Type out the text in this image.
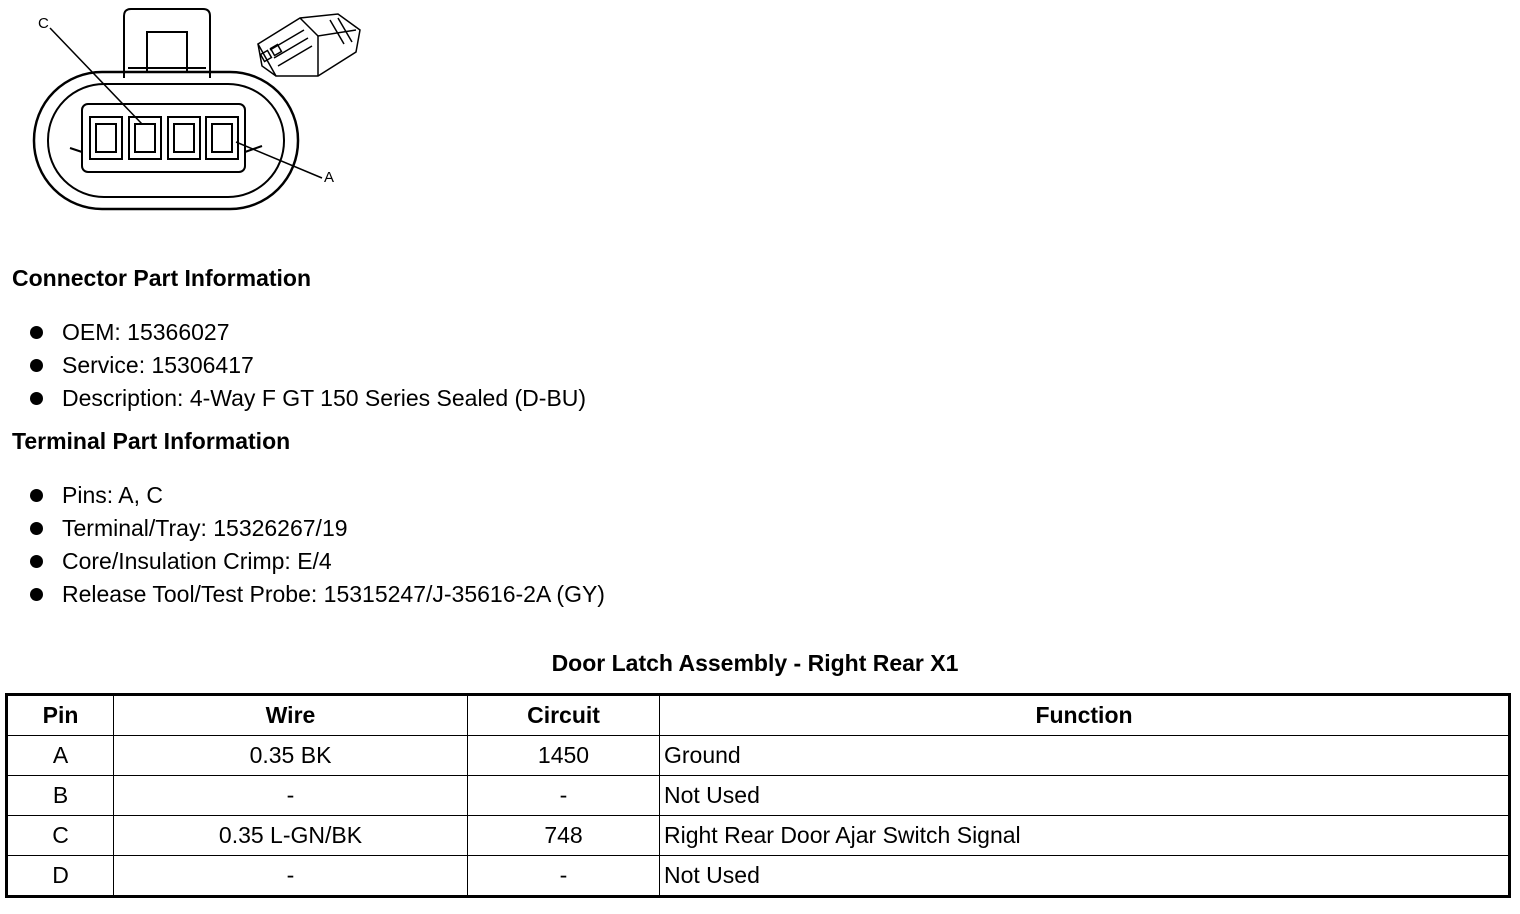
C
A
Connector Part Information
OEM: 15366027
Service: 15306417
Description: 4-Way F GT 150 Series Sealed (D-BU)
Terminal Part Information
Pins: A, C
Terminal/Tray: 15326267/19
Core/Insulation Crimp: E/4
Release Tool/Test Probe: 15315247/J-35616-2A (GY)
Door Latch Assembly - Right Rear X1
Pin	Wire	Circuit	Function
A	0.35 BK	1450	Ground
B	-	-	Not Used
C	0.35 L-GN/BK	748	Right Rear Door Ajar Switch Signal
D	-	-	Not Used
